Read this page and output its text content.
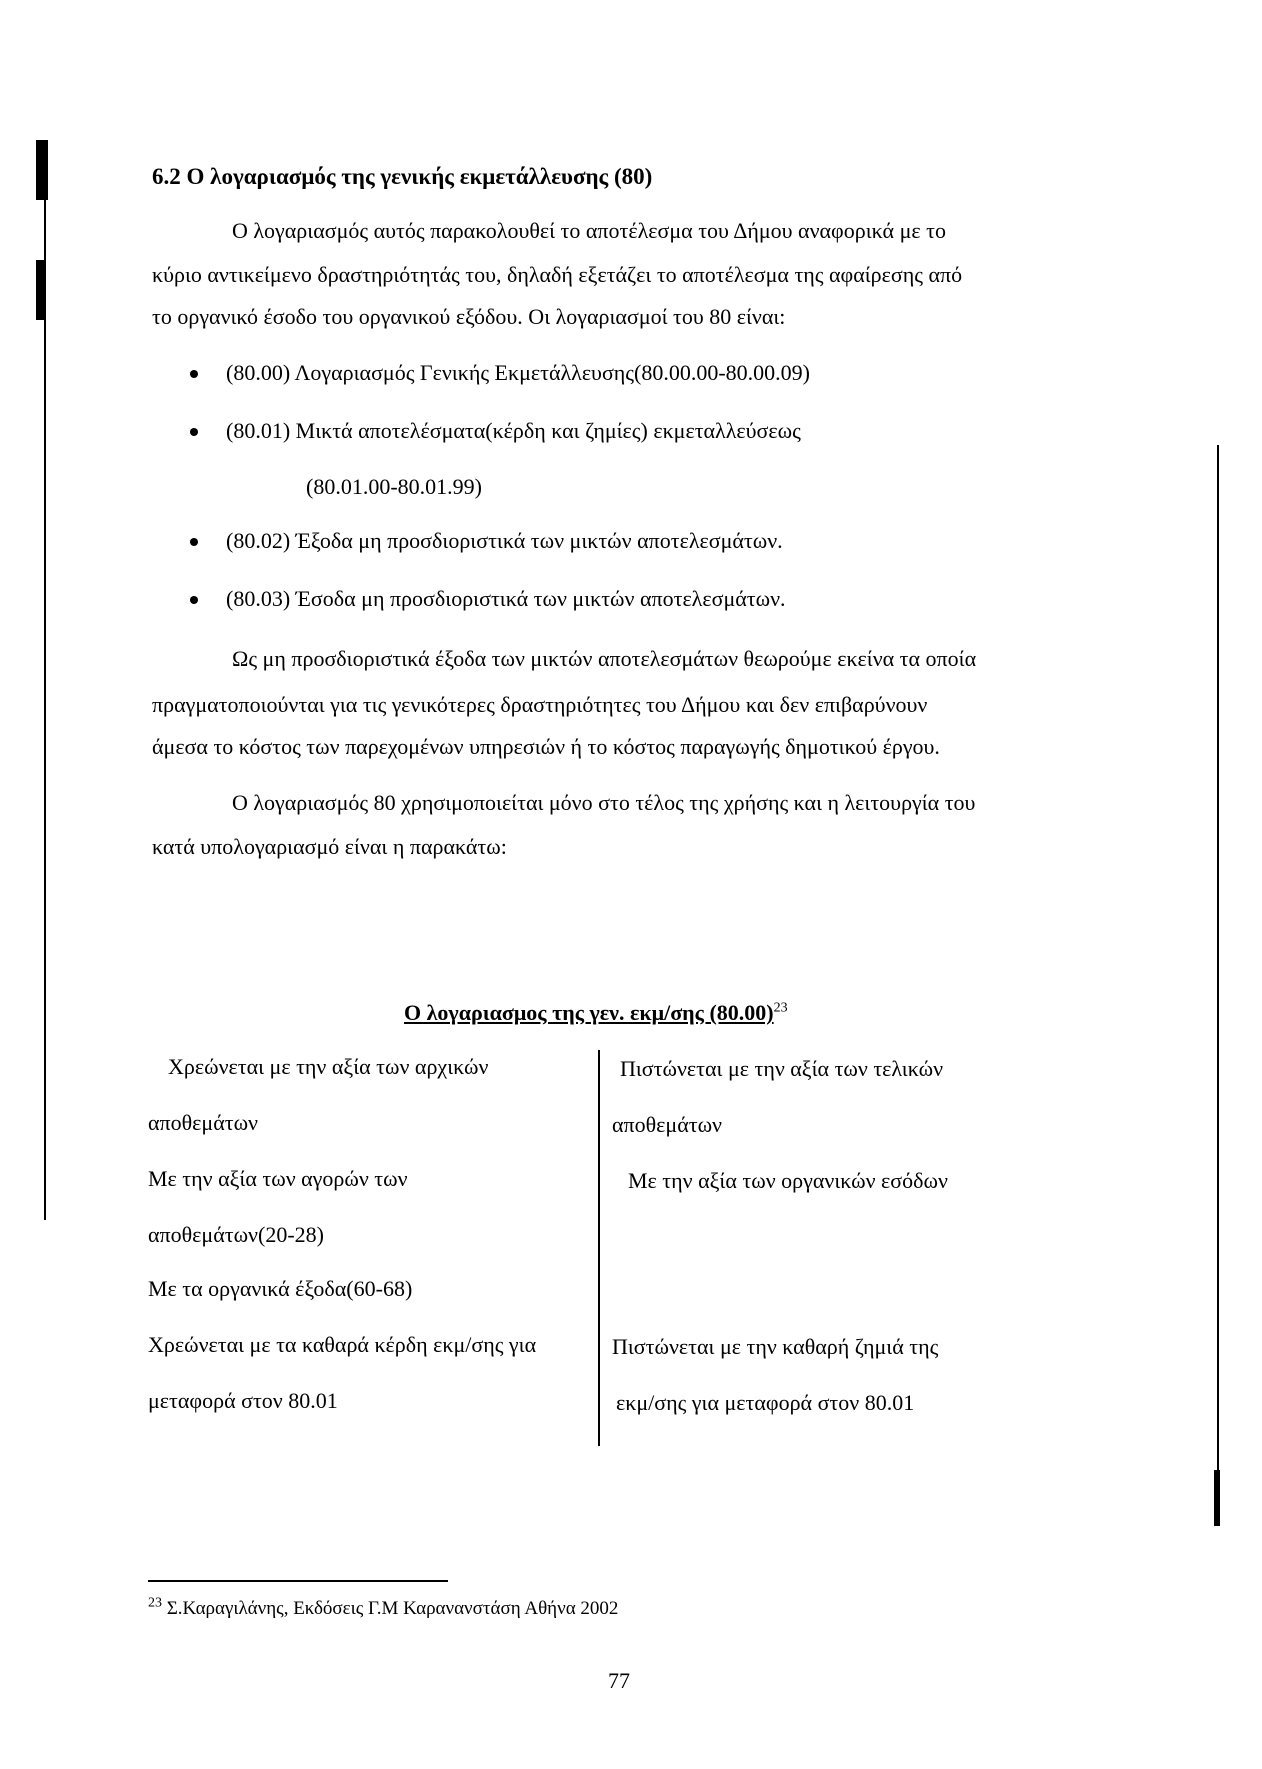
6.2 Ο λογαριασμός της γενικής εκμετάλλευσης (80)
Ο λογαριασμός αυτός παρακολουθεί το αποτέλεσμα του Δήμου αναφορικά με το
κύριο αντικείμενο δραστηριότητάς του, δηλαδή εξετάζει το αποτέλεσμα της αφαίρεσης από
το οργανικό έσοδο του οργανικού εξόδου. Οι λογαριασμοί του 80 είναι:
(80.00) Λογαριασμός Γενικής Εκμετάλλευσης(80.00.00-80.00.09)
(80.01) Μικτά αποτελέσματα(κέρδη και ζημίες) εκμεταλλεύσεως
(80.01.00-80.01.99)
(80.02) Έξοδα μη προσδιοριστικά των μικτών αποτελεσμάτων.
(80.03) Έσοδα μη προσδιοριστικά των μικτών αποτελεσμάτων.
Ως μη προσδιοριστικά έξοδα των μικτών αποτελεσμάτων θεωρούμε εκείνα τα οποία
πραγματοποιούνται για τις γενικότερες δραστηριότητες του Δήμου και δεν επιβαρύνουν
άμεσα το κόστος των παρεχομένων υπηρεσιών ή το κόστος παραγωγής δημοτικού έργου.
Ο λογαριασμός 80 χρησιμοποιείται μόνο στο τέλος της χρήσης και η λειτουργία του
κατά υπολογαριασμό είναι η παρακάτω:
Ο λογαριασμος της γεν. εκμ/σης $(80.00)^{23}$
Χρεώνεται με την αξία των αρχικών
αποθεμάτων
Με την αξία των αγορών των
αποθεμάτων(20-28)
Με τα οργανικά έξοδα(60-68)
Χρεώνεται με τα καθαρά κέρδη εκμ/σης για
μεταφορά στον 80.01
Πιστώνεται με την αξία των τελικών
αποθεμάτων
Με την αξία των οργανικών εσόδων
Πιστώνεται με την καθαρή ζημιά της
εκμ/σης για μεταφορά στον 80.01
$^{23}$ Σ.Καραγιλάνης, Εκδόσεις Γ.Μ Καρανανστάση Αθήνα 2002
77
